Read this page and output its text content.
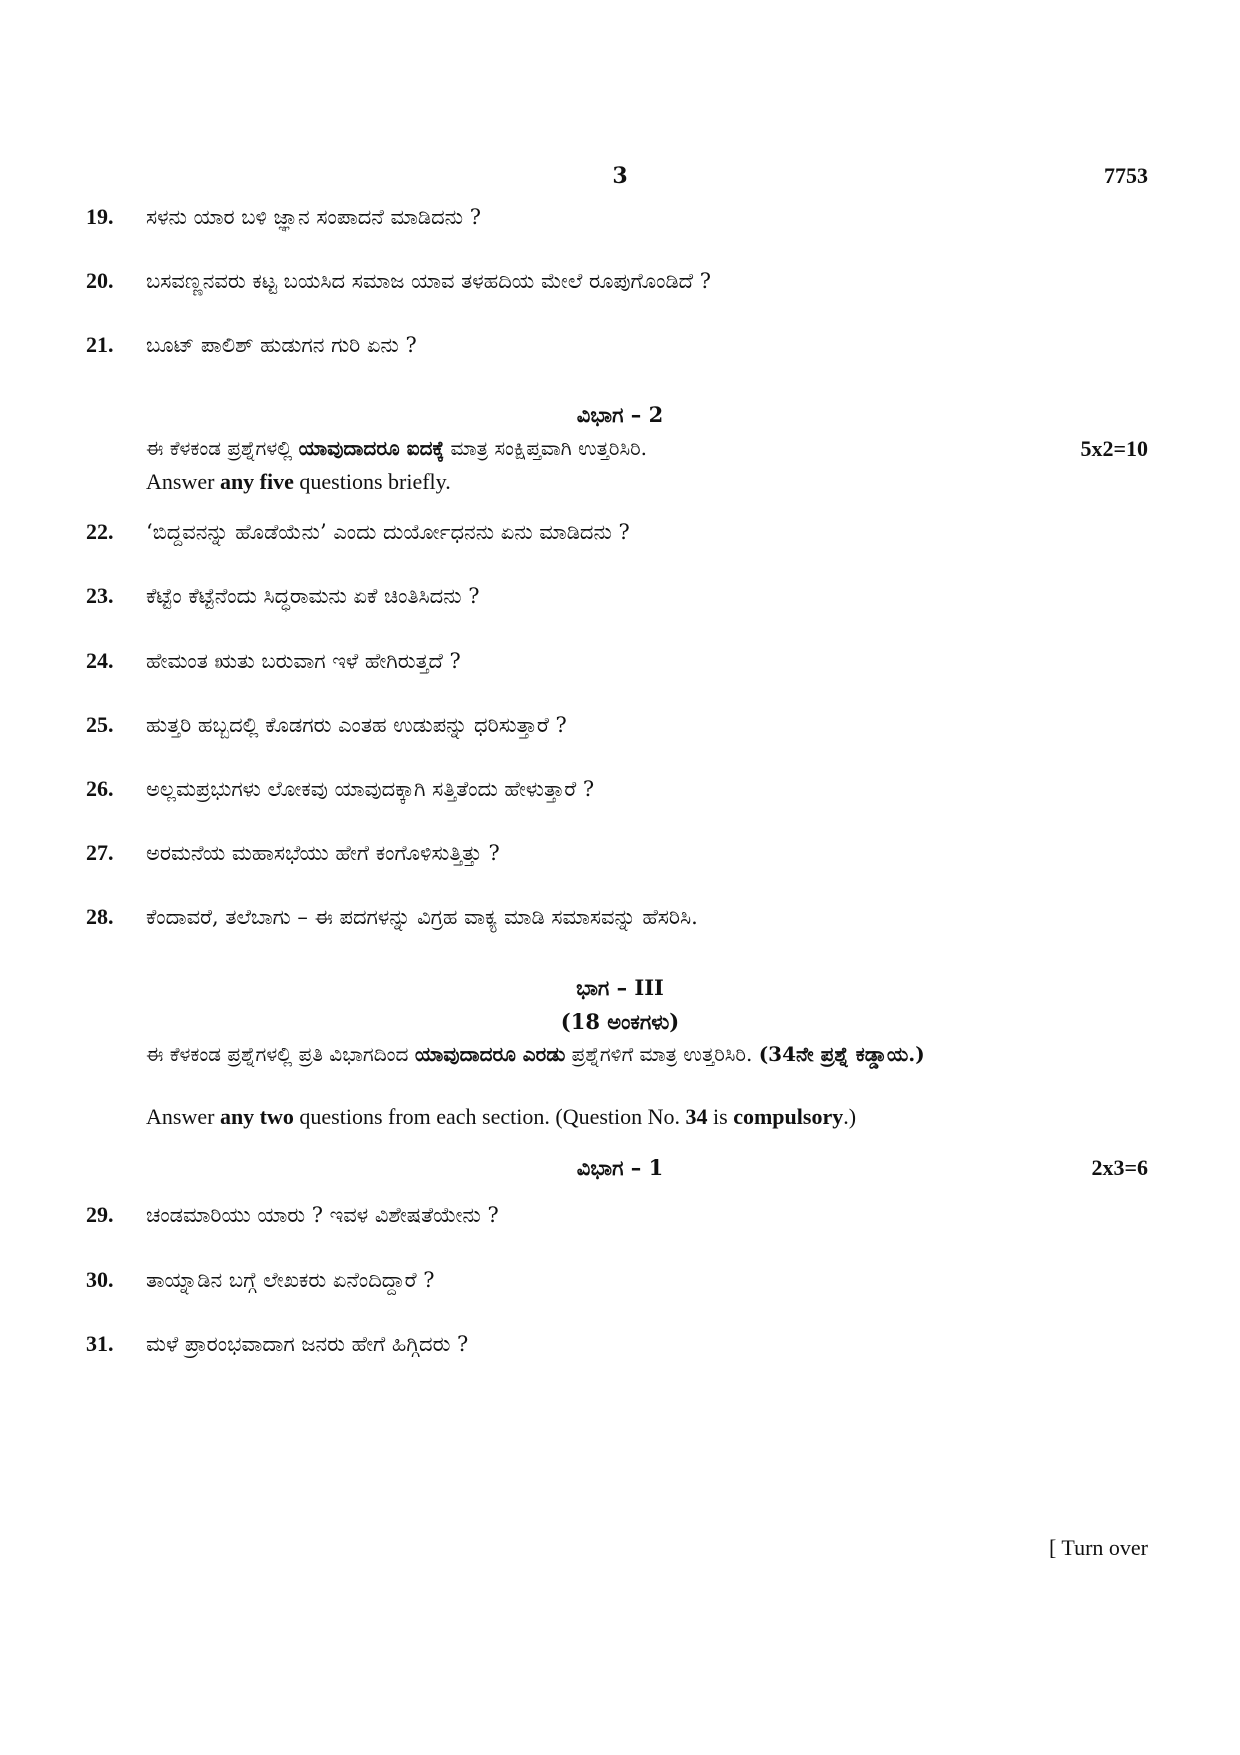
3	7753
19.	ಸಳನು ಯಾರ ಬಳಿ ಜ್ಞಾನ ಸಂಪಾದನೆ ಮಾಡಿದನು ?
20.	ಬಸವಣ್ಣನವರು ಕಟ್ಟ ಬಯಸಿದ ಸಮಾಜ ಯಾವ ತಳಹದಿಯ ಮೇಲೆ ರೂಪುಗೊಂಡಿದೆ ?
21.	ಬೂಟ್ ಪಾಲಿಶ್ ಹುಡುಗನ ಗುರಿ ಏನು ?
ವಿಭಾಗ – 2
ಈ ಕೆಳಕಂಡ ಪ್ರಶ್ನೆಗಳಲ್ಲಿ ಯಾವುದಾದರೂ ಐದಕ್ಕೆ ಮಾತ್ರ ಸಂಕ್ಷಿಪ್ತವಾಗಿ ಉತ್ತರಿಸಿರಿ.	5x2=10
Answer any five questions briefly.
22.	‘ಬಿದ್ದವನನ್ನು ಹೊಡೆಯೆನು’ ಎಂದು ದುರ್ಯೋಧನನು ಏನು ಮಾಡಿದನು ?
23.	ಕೆಟ್ಟೆಂ ಕೆಟ್ಟೆನೆಂದು ಸಿದ್ಧರಾಮನು ಏಕೆ ಚಿಂತಿಸಿದನು ?
24.	ಹೇಮಂತ ಋತು ಬರುವಾಗ ಇಳೆ ಹೇಗಿರುತ್ತದೆ ?
25.	ಹುತ್ತರಿ ಹಬ್ಬದಲ್ಲಿ ಕೊಡಗರು ಎಂತಹ ಉಡುಪನ್ನು ಧರಿಸುತ್ತಾರೆ ?
26.	ಅಲ್ಲಮಪ್ರಭುಗಳು ಲೋಕವು ಯಾವುದಕ್ಕಾಗಿ ಸತ್ತಿತೆಂದು ಹೇಳುತ್ತಾರೆ ?
27.	ಅರಮನೆಯ ಮಹಾಸಭೆಯು ಹೇಗೆ ಕಂಗೊಳಿಸುತ್ತಿತ್ತು ?
28.	ಕೆಂದಾವರೆ, ತಲೆಬಾಗು – ಈ ಪದಗಳನ್ನು ವಿಗ್ರಹ ವಾಕ್ಯ ಮಾಡಿ ಸಮಾಸವನ್ನು ಹೆಸರಿಸಿ.
ಭಾಗ – III
(18 ಅಂಕಗಳು)
ಈ ಕೆಳಕಂಡ ಪ್ರಶ್ನೆಗಳಲ್ಲಿ ಪ್ರತಿ ವಿಭಾಗದಿಂದ ಯಾವುದಾದರೂ ಎರಡು ಪ್ರಶ್ನೆಗಳಿಗೆ ಮಾತ್ರ ಉತ್ತರಿಸಿರಿ. (34ನೇ ಪ್ರಶ್ನೆ ಕಡ್ಡಾಯ.)
Answer any two questions from each section. (Question No. 34 is compulsory.)
ವಿಭಾಗ – 1	2x3=6
29.	ಚಂಡಮಾರಿಯು ಯಾರು ? ಇವಳ ವಿಶೇಷತೆಯೇನು ?
30.	ತಾಯ್ನಾಡಿನ ಬಗ್ಗೆ ಲೇಖಕರು ಏನೆಂದಿದ್ದಾರೆ ?
31.	ಮಳೆ ಪ್ರಾರಂಭವಾದಾಗ ಜನರು ಹೇಗೆ ಹಿಗ್ಗಿದರು ?
[ Turn over
